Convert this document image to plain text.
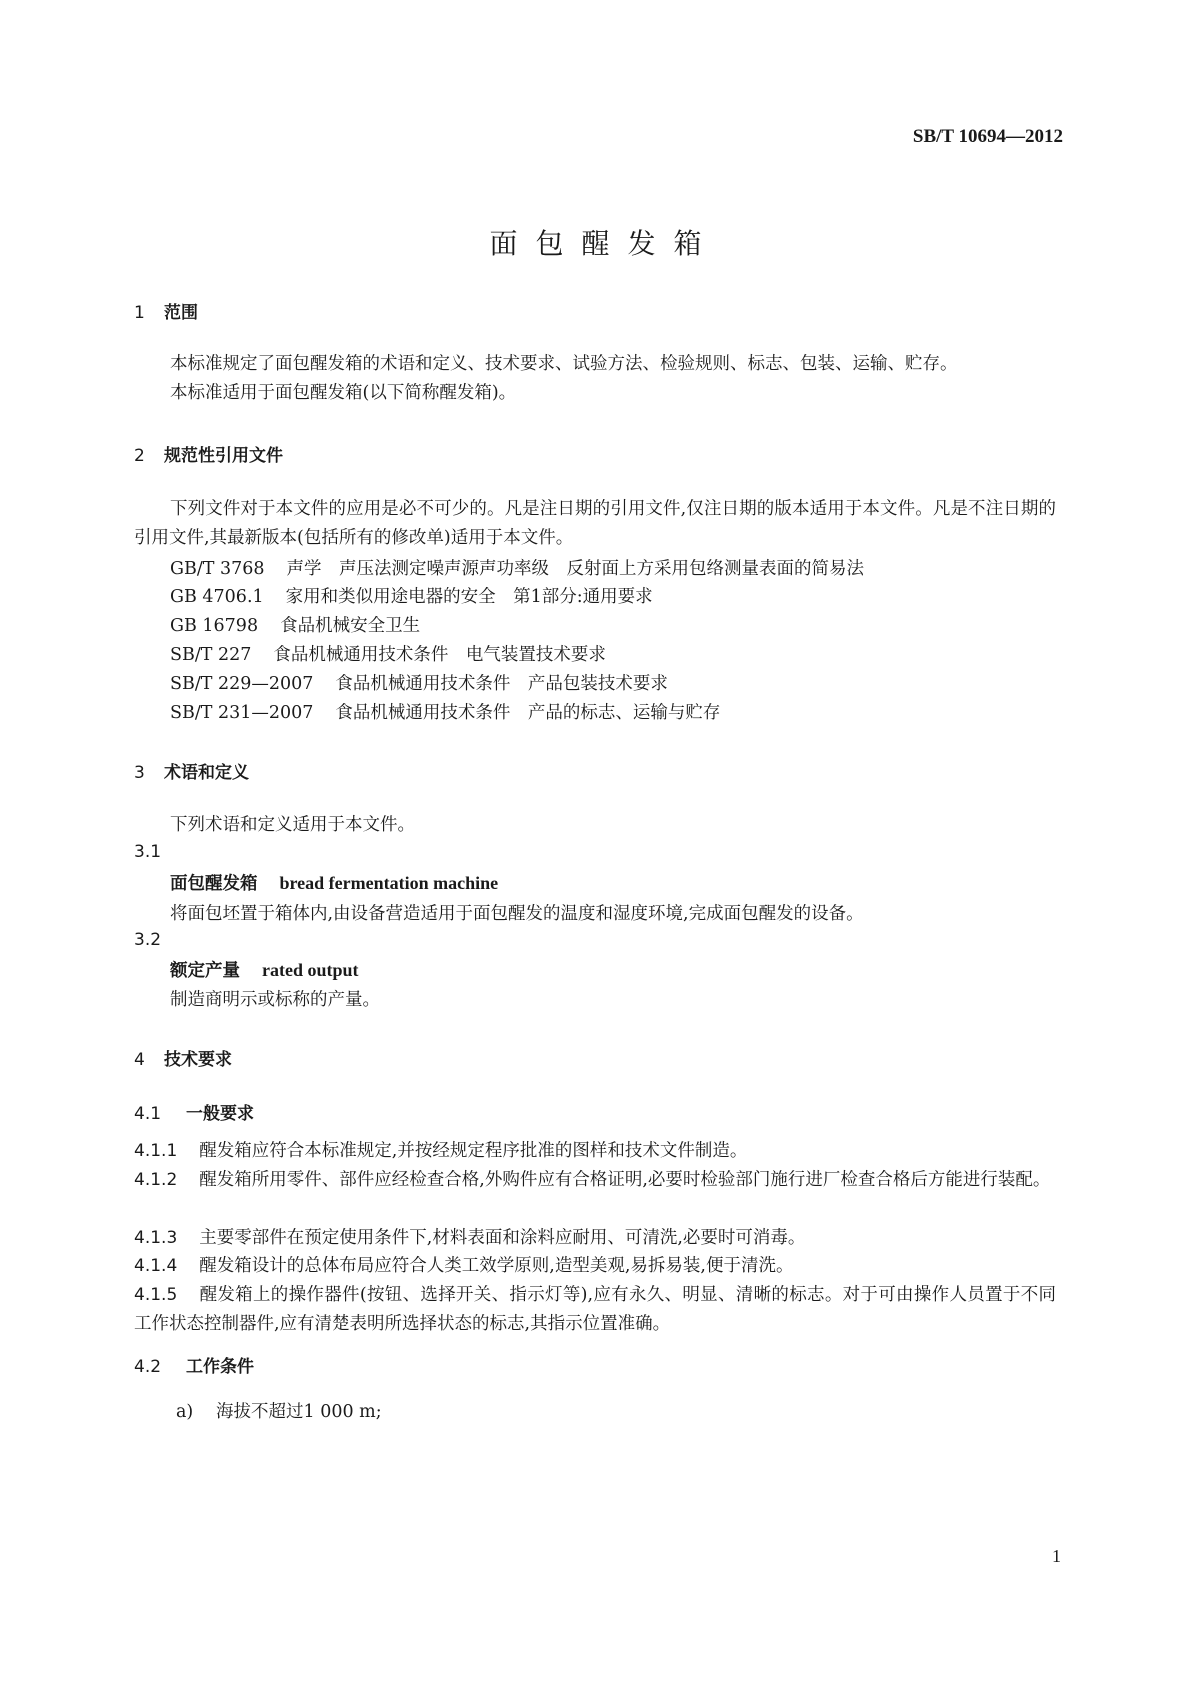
SB/T 10694—2012
面包醒发箱
1 范围
本标准规定了面包醒发箱的术语和定义、技术要求、试验方法、检验规则、标志、包装、运输、贮存。
本标准适用于面包醒发箱(以下简称醒发箱)。
2 规范性引用文件
下列文件对于本文件的应用是必不可少的。凡是注日期的引用文件,仅注日期的版本适用于本文件。凡是不注日期的引用文件,其最新版本(包括所有的修改单)适用于本文件。
GB/T 3768 声学　声压法测定噪声源声功率级　反射面上方采用包络测量表面的简易法
GB 4706.1 家用和类似用途电器的安全　第1部分:通用要求
GB 16798 食品机械安全卫生
SB/T 227 食品机械通用技术条件　电气装置技术要求
SB/T 229—2007 食品机械通用技术条件　产品包装技术要求
SB/T 231—2007 食品机械通用技术条件　产品的标志、运输与贮存
3 术语和定义
下列术语和定义适用于本文件。
3.1
面包醒发箱 bread fermentation machine
将面包坯置于箱体内,由设备营造适用于面包醒发的温度和湿度环境,完成面包醒发的设备。
3.2
额定产量 rated output
制造商明示或标称的产量。
4 技术要求
4.1 一般要求
4.1.1 醒发箱应符合本标准规定,并按经规定程序批准的图样和技术文件制造。
4.1.2 醒发箱所用零件、部件应经检查合格,外购件应有合格证明,必要时检验部门施行进厂检查合格后方能进行装配。
4.1.3 主要零部件在预定使用条件下,材料表面和涂料应耐用、可清洗,必要时可消毒。
4.1.4 醒发箱设计的总体布局应符合人类工效学原则,造型美观,易拆易装,便于清洗。
4.1.5 醒发箱上的操作器件(按钮、选择开关、指示灯等),应有永久、明显、清晰的标志。对于可由操作人员置于不同工作状态控制器件,应有清楚表明所选择状态的标志,其指示位置准确。
4.2 工作条件
a) 海拔不超过1 000 m;
1
